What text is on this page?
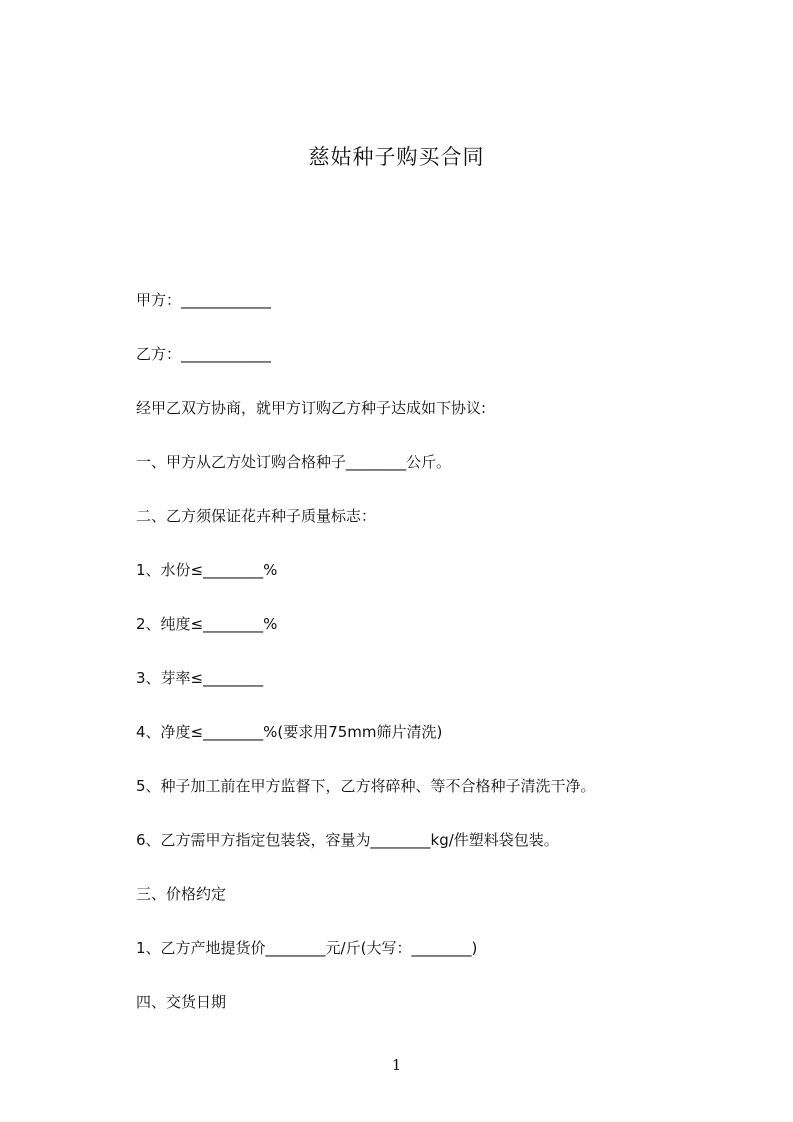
慈姑种子购买合同
甲方：____________
乙方：____________
经甲乙双方协商，就甲方订购乙方种子达成如下协议:
一、甲方从乙方处订购合格种子________公斤。
二、乙方须保证花卉种子质量标志：
1、水份≤________%
2、纯度≤________%
3、芽率≤________
4、净度≤________%(要求用75mm筛片清洗)
5、种子加工前在甲方监督下，乙方将碎种、等不合格种子清洗干净。
6、乙方需甲方指定包装袋，容量为________kg/件塑料袋包装。
三、价格约定
1、乙方产地提货价________元/斤(大写：________)
四、交货日期
1
